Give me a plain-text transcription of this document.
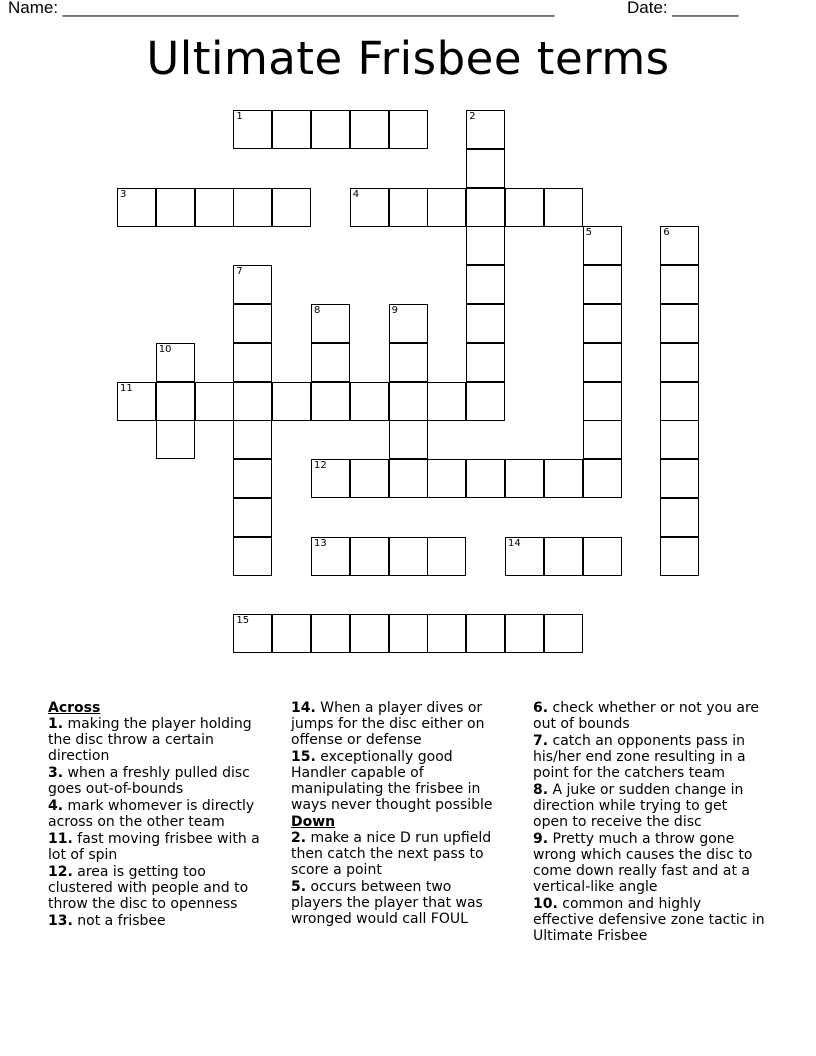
Name: ____________________________________________________	Date: _______
Ultimate Frisbee terms
1	2
3	4
5	6
7
8	9
10
11
12
13	14
15
Across
1. making the player holding the disc throw a certain direction
3. when a freshly pulled disc goes out-of-bounds
4. mark whomever is directly across on the other team
11. fast moving frisbee with a lot of spin
12. area is getting too clustered with people and to throw the disc to openness
13. not a frisbee
14. When a player dives or jumps for the disc either on offense or defense
15. exceptionally good Handler capable of manipulating the frisbee in ways never thought possible
Down
2. make a nice D run upfield then catch the next pass to score a point
5. occurs between two players the player that was wronged would call FOUL
6. check whether or not you are out of bounds
7. catch an opponents pass in his/her end zone resulting in a point for the catchers team
8. A juke or sudden change in direction while trying to get open to receive the disc
9. Pretty much a throw gone wrong which causes the disc to come down really fast and at a vertical-like angle
10. common and highly effective defensive zone tactic in Ultimate Frisbee
